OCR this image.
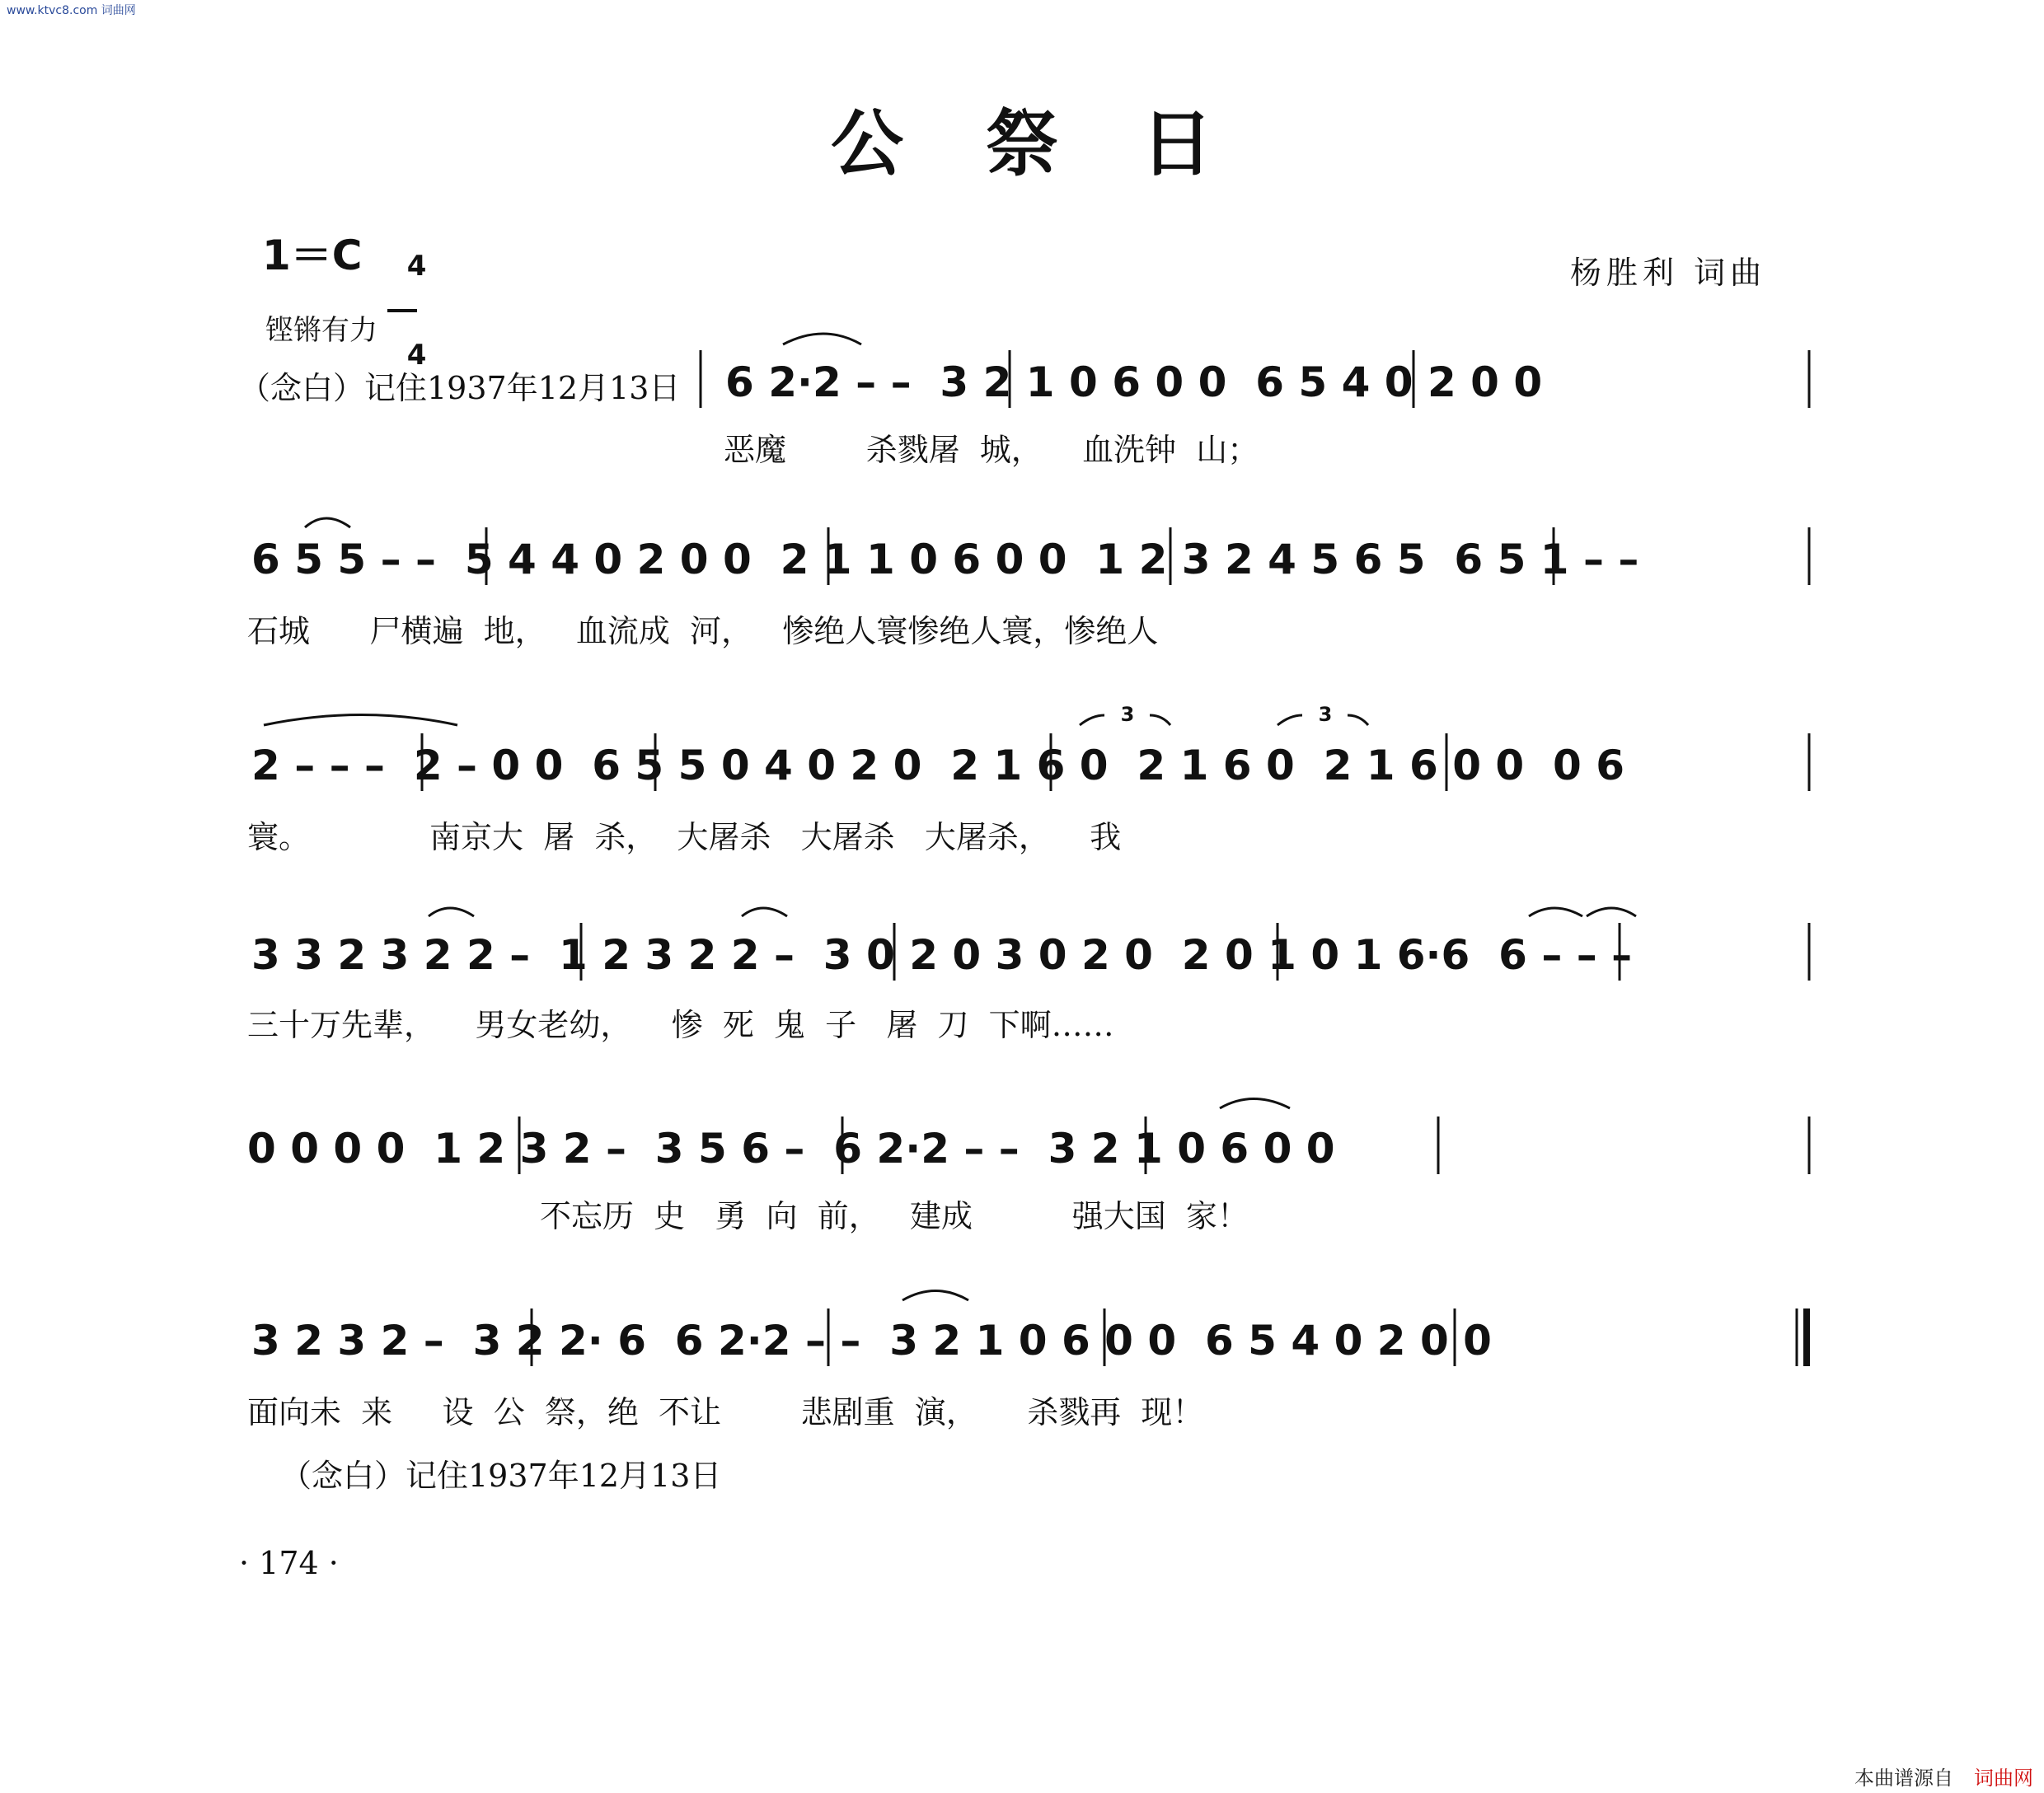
www.ktvc8.com 词曲网
公祭日
1＝C	4

4

杨胜利 词曲
铿锵有力
（念白）记住1937年12月13日 6 2·2 – –  3 2 1 0 6 0 0  6 5 4 0 2 0 0
恶魔        杀戮屠  城，    血洗钟  山；
6 5 5 – –  5 4 4 0 2 0 0  2 1 1 0 6 0 0  1 2 3 2 4 5 6 5  6 5 1 – –
石城      尸横遍  地，   血流成  河，   惨绝人寰惨绝人寰，惨绝人
2 – – –  2 – 0 0  6 5 5 0 4 0 2 0  2 1 6 0  2 1 6 0  2 1 6 0 0  0 6
寰。            南京大  屠  杀，  大屠杀   大屠杀   大屠杀，    我
3 3 2 3 2 2 –  1 2 3 2 2 –  3 0 2 0 3 0 2 0  2 0 1 0 1 6·6  6 – – –
三十万先辈，    男女老幼，    惨  死  鬼  子   屠  刀  下啊……
0 0 0 0  1 2 3 2 –  3 5 6 –  6 2·2 – –  3 2 1 0 6 0 0
不忘历  史   勇  向  前，   建成          强大国  家！
3 2 3 2 –  3 2 2· 6  6 2·2 – –  3 2 1 0 6 0 0  6 5 4 0 2 0 0
面向未  来     设  公  祭，绝  不让        悲剧重  演，     杀戮再  现！
（念白）记住1937年12月13日
· 174 ·
本曲谱源自 词曲网
3	3
